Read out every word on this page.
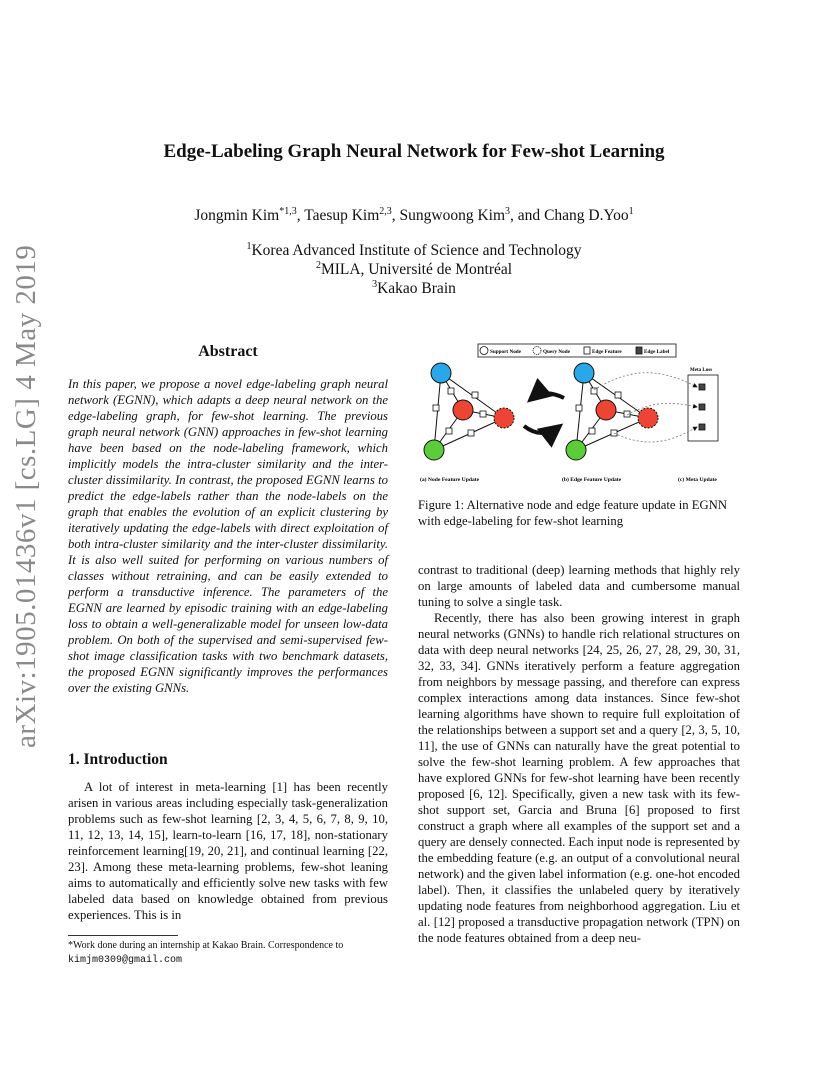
arXiv:1905.01436v1 [cs.LG] 4 May 2019
Edge-Labeling Graph Neural Network for Few-shot Learning
Jongmin Kim$^{*1,3}$, Taesup Kim$^{2,3}$, Sungwoong Kim$^3$, and Chang D.Yoo$^1$
$^1$Korea Advanced Institute of Science and Technology
$^2$MILA, Université de Montréal
$^3$Kakao Brain
Abstract
In this paper, we propose a novel edge-labeling graph neural network (EGNN), which adapts a deep neural network on the edge-labeling graph, for few-shot learning. The previous graph neural network (GNN) approaches in few-shot learning have been based on the node-labeling framework, which implicitly models the intra-cluster similarity and the inter-cluster dissimilarity. In contrast, the proposed EGNN learns to predict the edge-labels rather than the node-labels on the graph that enables the evolution of an explicit clustering by iteratively updating the edge-labels with direct exploitation of both intra-cluster similarity and the inter-cluster dissimilarity. It is also well suited for performing on various numbers of classes without retraining, and can be easily extended to perform a transductive inference. The parameters of the EGNN are learned by episodic training with an edge-labeling loss to obtain a well-generalizable model for unseen low-data problem. On both of the supervised and semi-supervised few-shot image classification tasks with two benchmark datasets, the proposed EGNN significantly improves the performances over the existing GNNs.
1. Introduction
A lot of interest in meta-learning [1] has been recently arisen in various areas including especially task-generalization problems such as few-shot learning [2, 3, 4, 5, 6, 7, 8, 9, 10, 11, 12, 13, 14, 15], learn-to-learn [16, 17, 18], non-stationary reinforcement learning[19, 20, 21], and continual learning [22, 23]. Among these meta-learning problems, few-shot leaning aims to automatically and efficiently solve new tasks with few labeled data based on knowledge obtained from previous experiences. This is in
*Work done during an internship at Kakao Brain. Correspondence to
kimjm0309@gmail.com
Support Node	Query Node	Edge Feature	Edge Label
Meta Loss
(a) Node Feature Update	(b) Edge Feature Update	(c) Meta Update
Figure 1: Alternative node and edge feature update in EGNN with edge-labeling for few-shot learning

contrast to traditional (deep) learning methods that highly rely on large amounts of labeled data and cumbersome manual tuning to solve a single task.

Recently, there has also been growing interest in graph neural networks (GNNs) to handle rich relational structures on data with deep neural networks [24, 25, 26, 27, 28, 29, 30, 31, 32, 33, 34]. GNNs iteratively perform a feature aggregation from neighbors by message passing, and therefore can express complex interactions among data instances. Since few-shot learning algorithms have shown to require full exploitation of the relationships between a support set and a query [2, 3, 5, 10, 11], the use of GNNs can naturally have the great potential to solve the few-shot learning problem. A few approaches that have explored GNNs for few-shot learning have been recently proposed [6, 12]. Specifically, given a new task with its few-shot support set, Garcia and Bruna [6] proposed to first construct a graph where all examples of the support set and a query are densely connected. Each input node is represented by the embedding feature (e.g. an output of a convolutional neural network) and the given label information (e.g. one-hot encoded label). Then, it classifies the unlabeled query by iteratively updating node features from neighborhood aggregation. Liu et al. [12] proposed a transductive propagation network (TPN) on the node features obtained from a deep neu-
